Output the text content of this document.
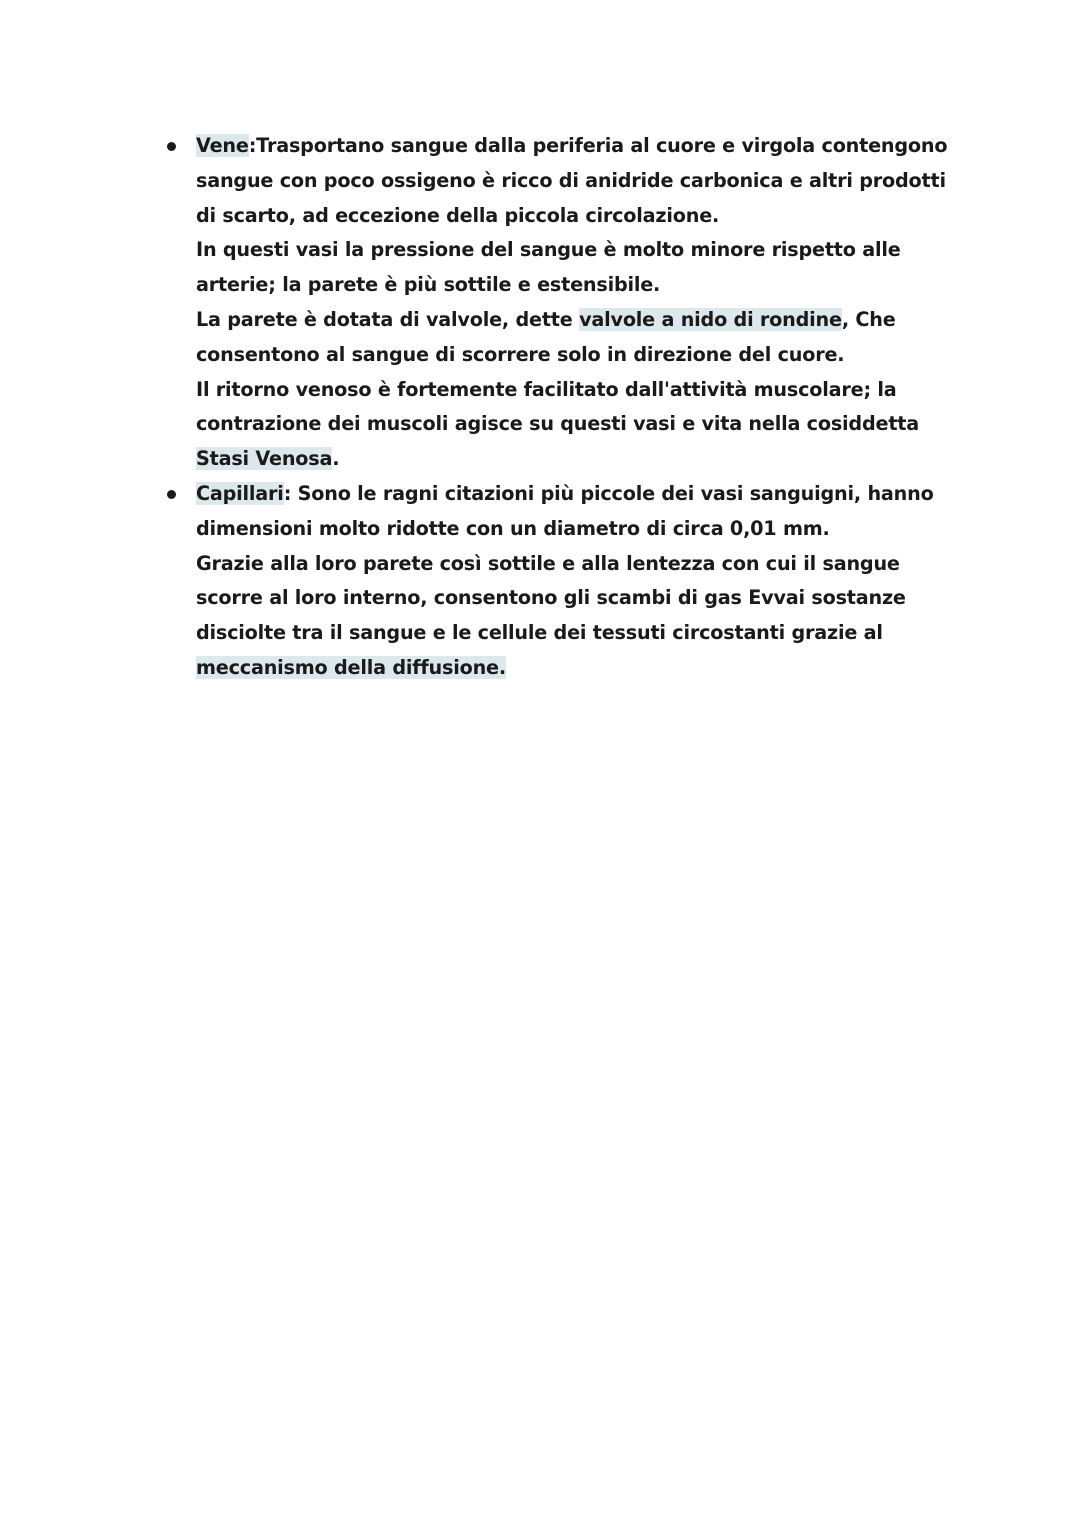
Vene:Trasportano sangue dalla periferia al cuore e virgola contengono
sangue con poco ossigeno è ricco di anidride carbonica e altri prodotti
di scarto, ad eccezione della piccola circolazione.
In questi vasi la pressione del sangue è molto minore rispetto alle
arterie; la parete è più sottile e estensibile.
La parete è dotata di valvole, dette valvole a nido di rondine, Che
consentono al sangue di scorrere solo in direzione del cuore.
Il ritorno venoso è fortemente facilitato dall'attività muscolare; la
contrazione dei muscoli agisce su questi vasi e vita nella cosiddetta
Stasi Venosa.
Capillari: Sono le ragni citazioni più piccole dei vasi sanguigni, hanno
dimensioni molto ridotte con un diametro di circa 0,01 mm.
Grazie alla loro parete così sottile e alla lentezza con cui il sangue
scorre al loro interno, consentono gli scambi di gas Evvai sostanze
disciolte tra il sangue e le cellule dei tessuti circostanti grazie al
meccanismo della diffusione.
